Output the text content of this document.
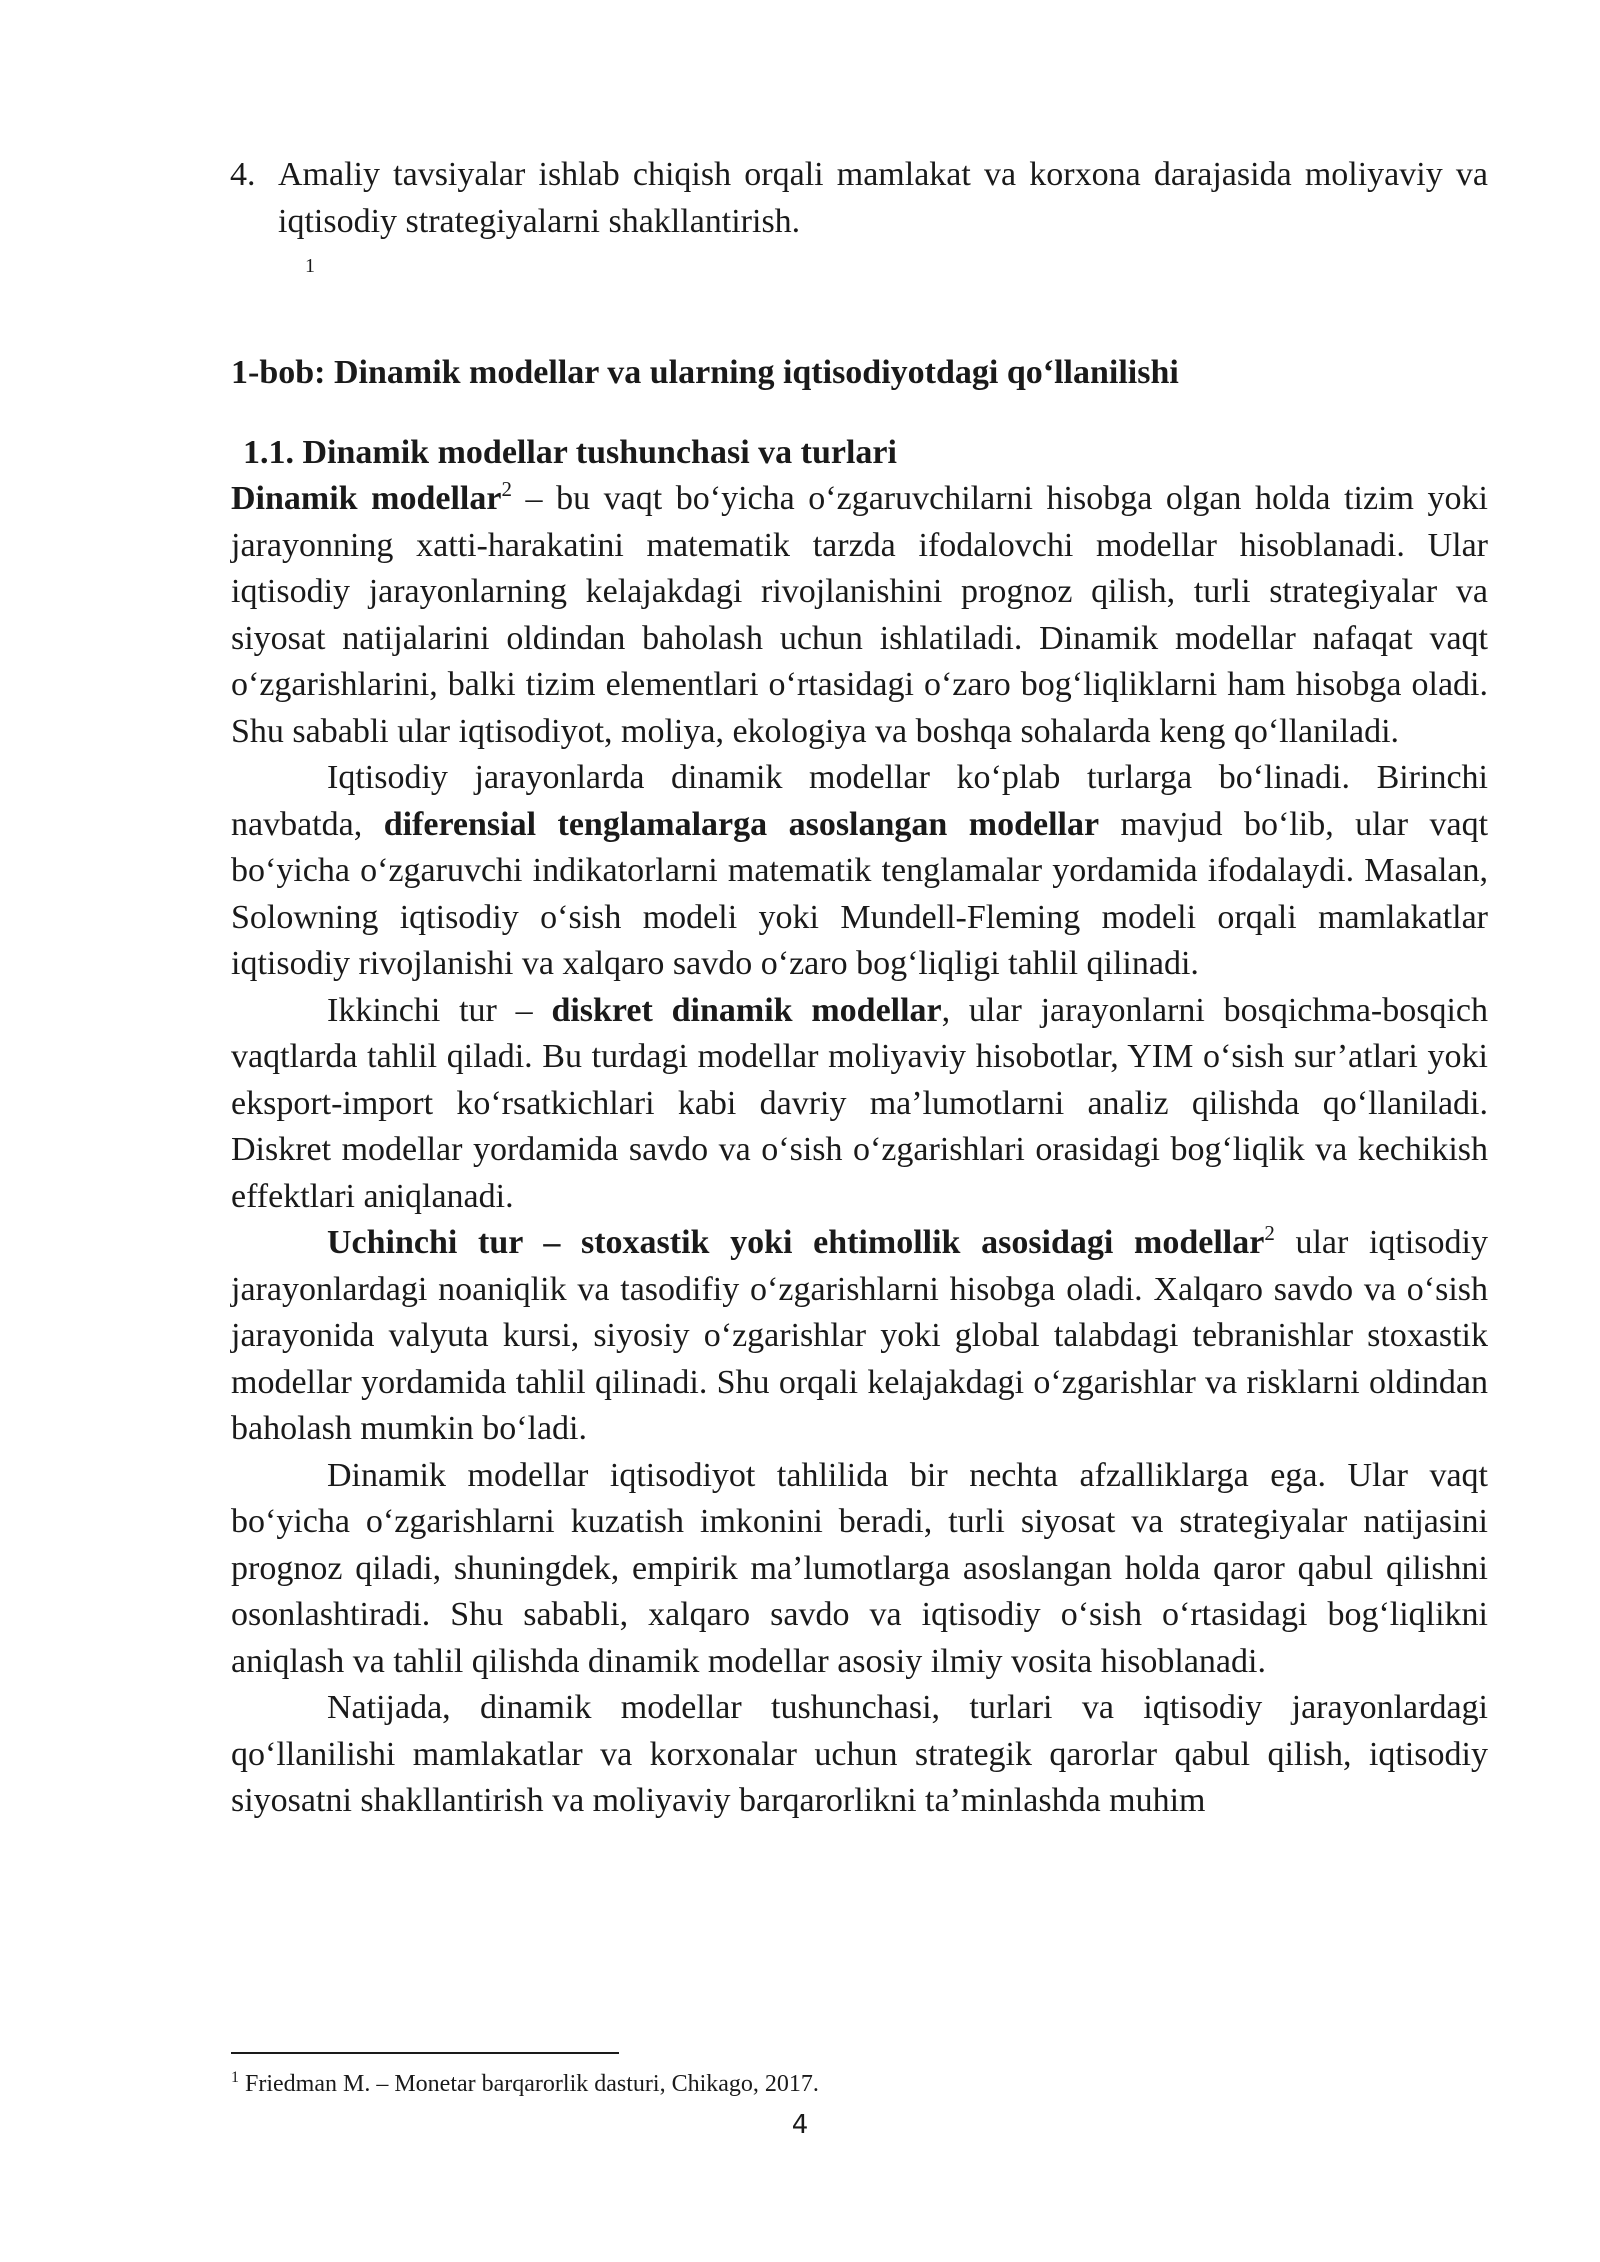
4. Amaliy tavsiyalar ishlab chiqish orqali mamlakat va korxona darajasida moliyaviy va iqtisodiy strategiyalarni shakllantirish.

1
1-bob: Dinamik modellar va ularning iqtisodiyotdagi qo‘llanilishi
1.1. Dinamik modellar tushunchasi va turlari

Dinamik modellar$^2$ – bu vaqt bo‘yicha o‘zgaruvchilarni hisobga olgan holda tizim yoki jarayonning xatti-harakatini matematik tarzda ifodalovchi modellar hisoblanadi. Ular iqtisodiy jarayonlarning kelajakdagi rivojlanishini prognoz qilish, turli strategiyalar va siyosat natijalarini oldindan baholash uchun ishlatiladi. Dinamik modellar nafaqat vaqt o‘zgarishlarini, balki tizim elementlari o‘rtasidagi o‘zaro bog‘liqliklarni ham hisobga oladi. Shu sababli ular iqtisodiyot, moliya, ekologiya va boshqa sohalarda keng qo‘llaniladi.

Iqtisodiy jarayonlarda dinamik modellar ko‘plab turlarga bo‘linadi. Birinchi navbatda, diferensial tenglamalarga asoslangan modellar mavjud bo‘lib, ular vaqt bo‘yicha o‘zgaruvchi indikatorlarni matematik tenglamalar yordamida ifodalaydi. Masalan, Solowning iqtisodiy o‘sish modeli yoki Mundell-Fleming modeli orqali mamlakatlar iqtisodiy rivojlanishi va xalqaro savdo o‘zaro bog‘liqligi tahlil qilinadi.

Ikkinchi tur – diskret dinamik modellar, ular jarayonlarni bosqichma-bosqich vaqtlarda tahlil qiladi. Bu turdagi modellar moliyaviy hisobotlar, YIM o‘sish sur’atlari yoki eksport-import ko‘rsatkichlari kabi davriy ma’lumotlarni analiz qilishda qo‘llaniladi. Diskret modellar yordamida savdo va o‘sish o‘zgarishlari orasidagi bog‘liqlik va kechikish effektlari aniqlanadi.

Uchinchi tur – stoxastik yoki ehtimollik asosidagi modellar$^2$ ular iqtisodiy jarayonlardagi noaniqlik va tasodifiy o‘zgarishlarni hisobga oladi. Xalqaro savdo va o‘sish jarayonida valyuta kursi, siyosiy o‘zgarishlar yoki global talabdagi tebranishlar stoxastik modellar yordamida tahlil qilinadi. Shu orqali kelajakdagi o‘zgarishlar va risklarni oldindan baholash mumkin bo‘ladi.

Dinamik modellar iqtisodiyot tahlilida bir nechta afzalliklarga ega. Ular vaqt bo‘yicha o‘zgarishlarni kuzatish imkonini beradi, turli siyosat va strategiyalar natijasini prognoz qiladi, shuningdek, empirik ma’lumotlarga asoslangan holda qaror qabul qilishni osonlashtiradi. Shu sababli, xalqaro savdo va iqtisodiy o‘sish o‘rtasidagi bog‘liqlikni aniqlash va tahlil qilishda dinamik modellar asosiy ilmiy vosita hisoblanadi.

Natijada, dinamik modellar tushunchasi, turlari va iqtisodiy jarayonlardagi qo‘llanilishi mamlakatlar va korxonalar uchun strategik qarorlar qabul qilish, iqtisodiy siyosatni shakllantirish va moliyaviy barqarorlikni ta’minlashda muhim

$^1$ Friedman M. – Monetar barqarorlik dasturi, Chikago, 2017.
4
